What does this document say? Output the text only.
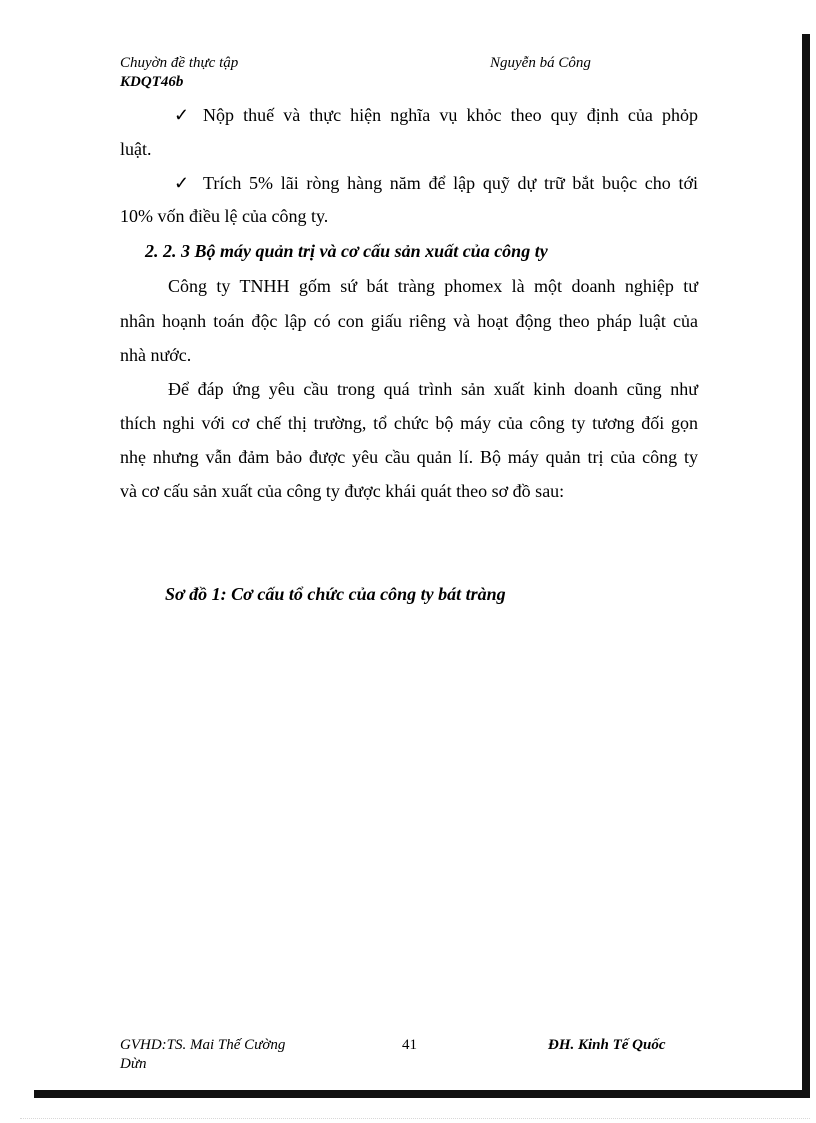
Chuyờn đề thực tập
KDQT46b
Nguyễn bá Công
✓ Nộp thuế và thực hiện nghĩa vụ khỏc theo quy định của phỏp
luật.
✓ Trích 5% lãi ròng hàng năm để lập quỹ dự trữ bắt buộc cho tới
10% vốn điều lệ của công ty.
2. 2. 3 Bộ máy quản trị và cơ cấu sản xuất của công ty
Công ty TNHH gốm sứ bát tràng phomex là một doanh nghiệp tư
nhân hoạnh toán độc lập có con giấu riêng và hoạt động theo pháp luật của
nhà nước.
Để đáp ứng yêu cầu trong quá trình sản xuất kinh doanh cũng như
thích nghi với cơ chế thị trường, tổ chức bộ máy của công ty tương đối gọn
nhẹ nhưng vẫn đảm bảo được yêu cầu quản lí. Bộ máy quản trị của công ty
và cơ cấu sản xuất của công ty được khái quát theo sơ đồ sau:
Sơ đồ 1: Cơ cấu tổ chức của công ty bát tràng
GVHD:TS. Mai Thế Cường
Dừn
41	ĐH. Kinh Tế Quốc
